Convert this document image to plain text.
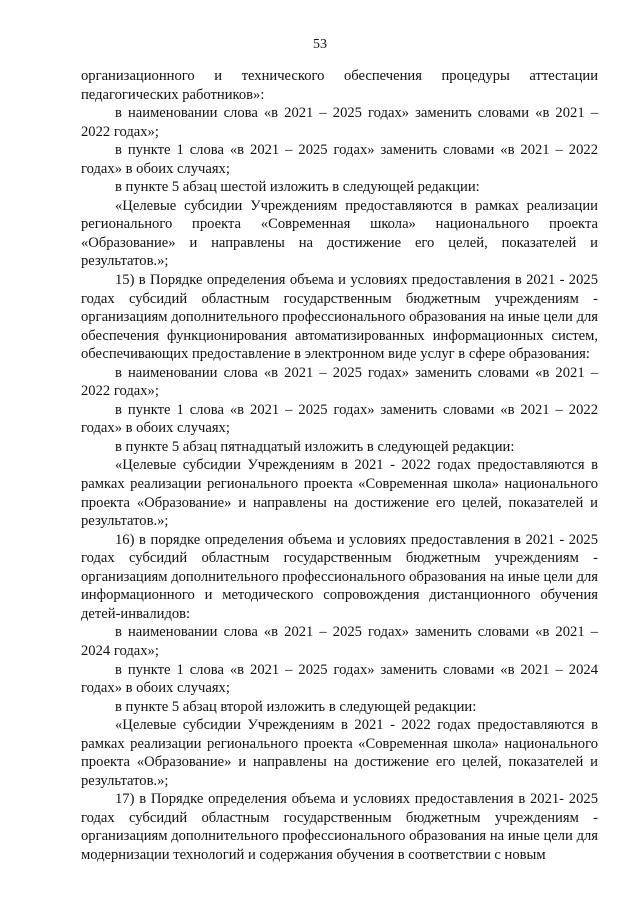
53

организационного и технического обеспечения процедуры аттестации педагогических работников»:

в наименовании слова «в 2021 – 2025 годах» заменить словами «в 2021 – 2022 годах»;

в пункте 1 слова «в 2021 – 2025 годах» заменить словами «в 2021 – 2022 годах» в обоих случаях;

в пункте 5 абзац шестой изложить в следующей редакции:

«Целевые субсидии Учреждениям предоставляются в рамках реализации регионального проекта «Современная школа» национального проекта «Образование» и направлены на достижение его целей, показателей и результатов.»;

15) в Порядке определения объема и условиях предоставления в 2021 - 2025 годах субсидий областным государственным бюджетным учреждениям - организациям дополнительного профессионального образования на иные цели для обеспечения функционирования автоматизированных информационных систем, обеспечивающих предоставление в электронном виде услуг в сфере образования:

в наименовании слова «в 2021 – 2025 годах» заменить словами «в 2021 – 2022 годах»;

в пункте 1 слова «в 2021 – 2025 годах» заменить словами «в 2021 – 2022 годах» в обоих случаях;

в пункте 5 абзац пятнадцатый изложить в следующей редакции:

«Целевые субсидии Учреждениям в 2021 - 2022 годах предоставляются в рамках реализации регионального проекта «Современная школа» национального проекта «Образование» и направлены на достижение его целей, показателей и результатов.»;

16) в порядке определения объема и условиях предоставления в 2021 - 2025 годах субсидий областным государственным бюджетным учреждениям - организациям дополнительного профессионального образования на иные цели для информационного и методического сопровождения дистанционного обучения детей-инвалидов:

в наименовании слова «в 2021 – 2025 годах» заменить словами «в 2021 – 2024 годах»;

в пункте 1 слова «в 2021 – 2025 годах» заменить словами «в 2021 – 2024 годах» в обоих случаях;

в пункте 5 абзац второй изложить в следующей редакции:

«Целевые субсидии Учреждениям в 2021 - 2022 годах предоставляются в рамках реализации регионального проекта «Современная школа» национального проекта «Образование» и направлены на достижение его целей, показателей и результатов.»;

17) в Порядке определения объема и условиях предоставления в 2021- 2025 годах субсидий областным государственным бюджетным учреждениям - организациям дополнительного профессионального образования на иные цели для модернизации технологий и содержания обучения в соответствии с новым
